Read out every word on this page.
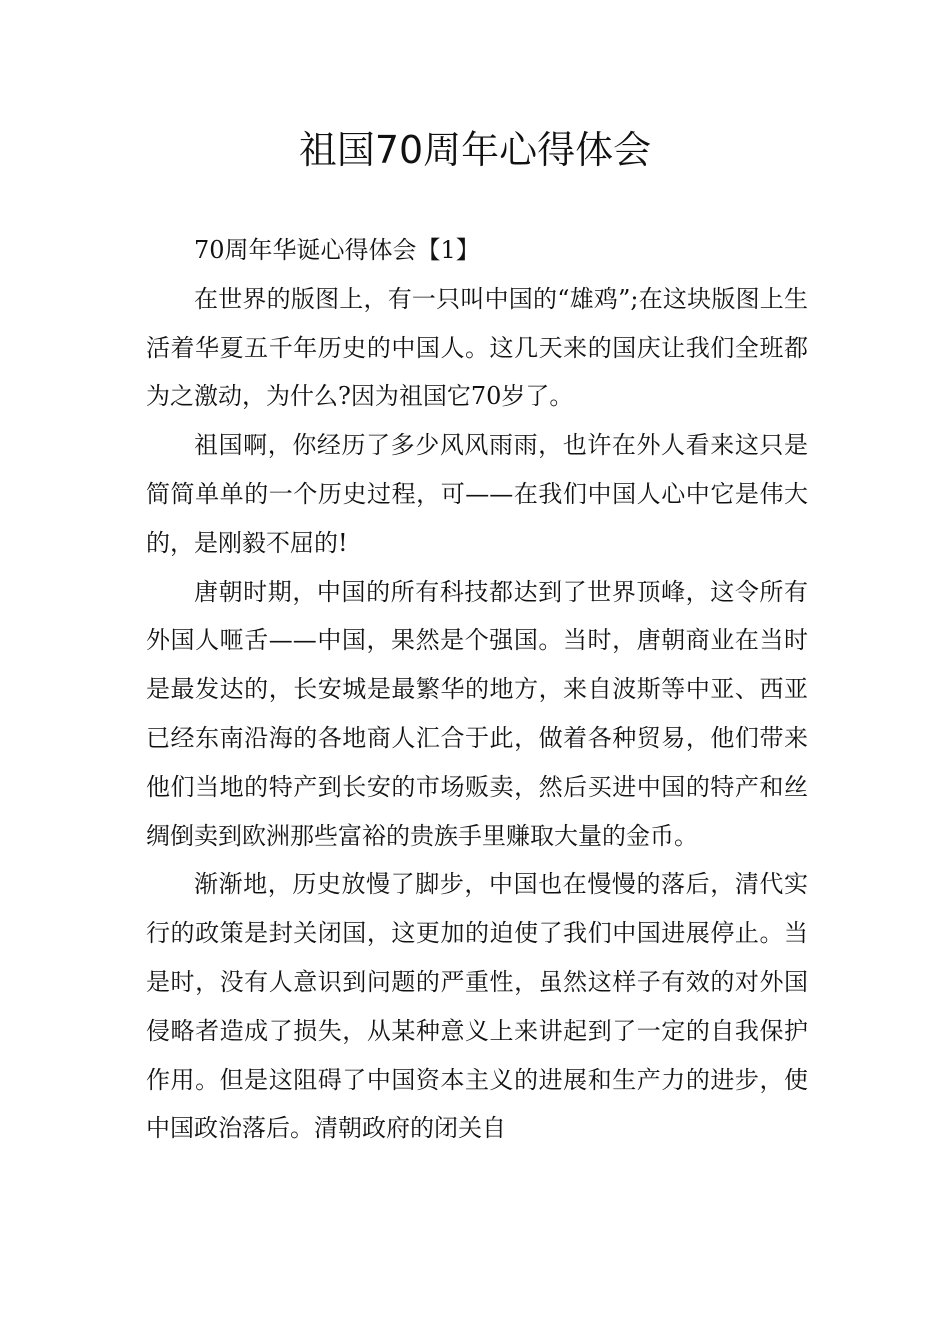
祖国70周年心得体会

70周年华诞心得体会【1】

在世界的版图上，有一只叫中国的“雄鸡”;在这块版图上生活着华夏五千年历史的中国人。这几天来的国庆让我们全班都为之激动，为什么?因为祖国它70岁了。

祖国啊，你经历了多少风风雨雨，也许在外人看来这只是简简单单的一个历史过程，可——在我们中国人心中它是伟大的，是刚毅不屈的!

唐朝时期，中国的所有科技都达到了世界顶峰，这令所有外国人咂舌——中国，果然是个强国。当时，唐朝商业在当时是最发达的，长安城是最繁华的地方，来自波斯等中亚、西亚已经东南沿海的各地商人汇合于此，做着各种贸易，他们带来他们当地的特产到长安的市场贩卖，然后买进中国的特产和丝绸倒卖到欧洲那些富裕的贵族手里赚取大量的金币。

渐渐地，历史放慢了脚步，中国也在慢慢的落后，清代实行的政策是封关闭国，这更加的迫使了我们中国进展停止。当是时，没有人意识到问题的严重性，虽然这样子有效的对外国侵略者造成了损失，从某种意义上来讲起到了一定的自我保护作用。但是这阻碍了中国资本主义的进展和生产力的进步，使中国政治落后。清朝政府的闭关自
